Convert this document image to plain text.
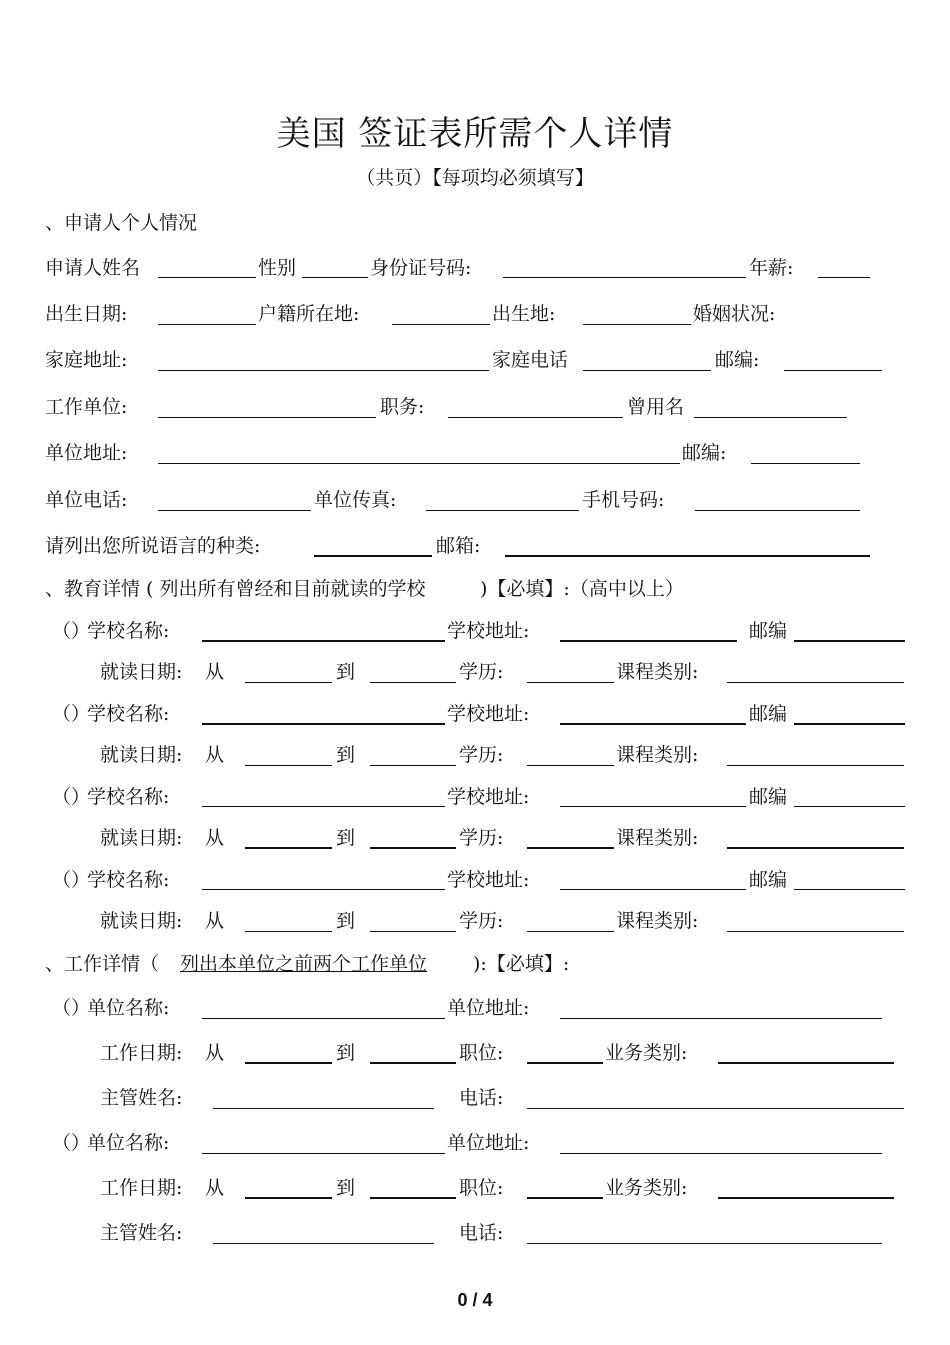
美国 签证表所需个人详情
（共页）【每项均必须填写】
、申请人个人情况
申请人姓名	性别	身份证号码:	年薪:
出生日期:	户籍所在地:	出生地:	婚姻状况:
家庭地址:	家庭电话	邮编:
工作单位:	职务:	曾用名
单位地址:	邮编:
单位电话:	单位传真:	手机号码:
请列出您所说语言的种类:	邮箱:
、教育详情 ( 列出所有曾经和目前就读的学校	)【必填】:（高中以上）
（）
学校名称:	学校地址:	邮编
就读日期: 从	到	学历:	课程类别:
（）
学校名称:	学校地址:	邮编
就读日期: 从	到	学历:	课程类别:
（）
学校名称:	学校地址:	邮编
就读日期: 从	到	学历:	课程类别:
（）
学校名称:	学校地址:	邮编
就读日期: 从	到	学历:	课程类别:
、工作详情（ 列出本单位之前两个工作单位 ):【必填】:
（）
单位名称:	单位地址:
工作日期: 从	到	职位:	业务类别:
主管姓名:	电话:
（）
单位名称:	单位地址:
工作日期: 从	到	职位:	业务类别:
主管姓名:	电话:
0 / 4
